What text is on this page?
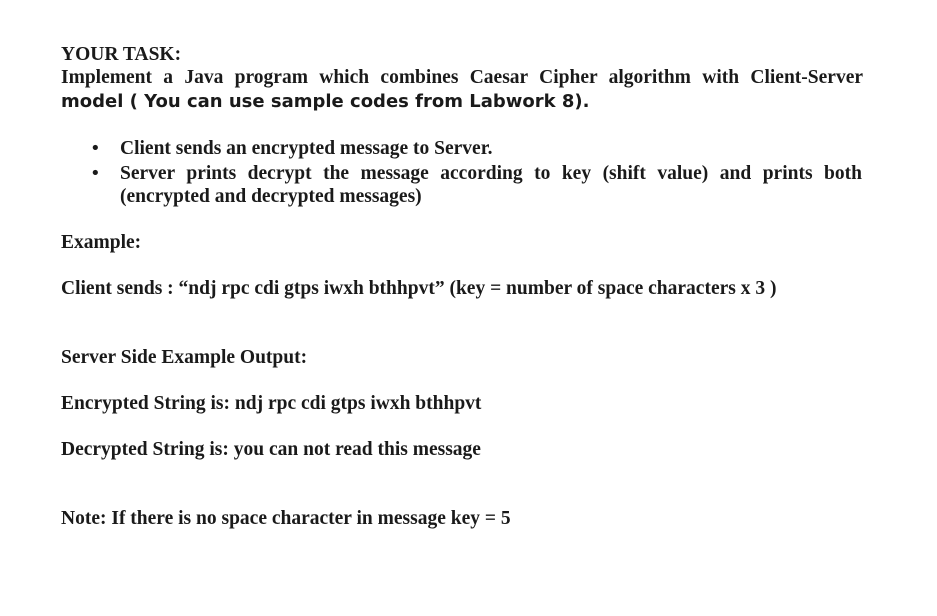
YOUR TASK:
Implement a Java program which combines Caesar Cipher algorithm with Client-Server
model ( You can use sample codes from Labwork 8).
• Client sends an encrypted message to Server.
• Server prints decrypt the message according to key (shift value) and prints both
(encrypted and decrypted messages)
Example:
Client sends : “ndj rpc cdi gtps iwxh bthhpvt” (key = number of space characters x 3 )
Server Side Example Output:
Encrypted String is: ndj rpc cdi gtps iwxh bthhpvt
Decrypted String is: you can not read this message
Note: If there is no space character in message key = 5
